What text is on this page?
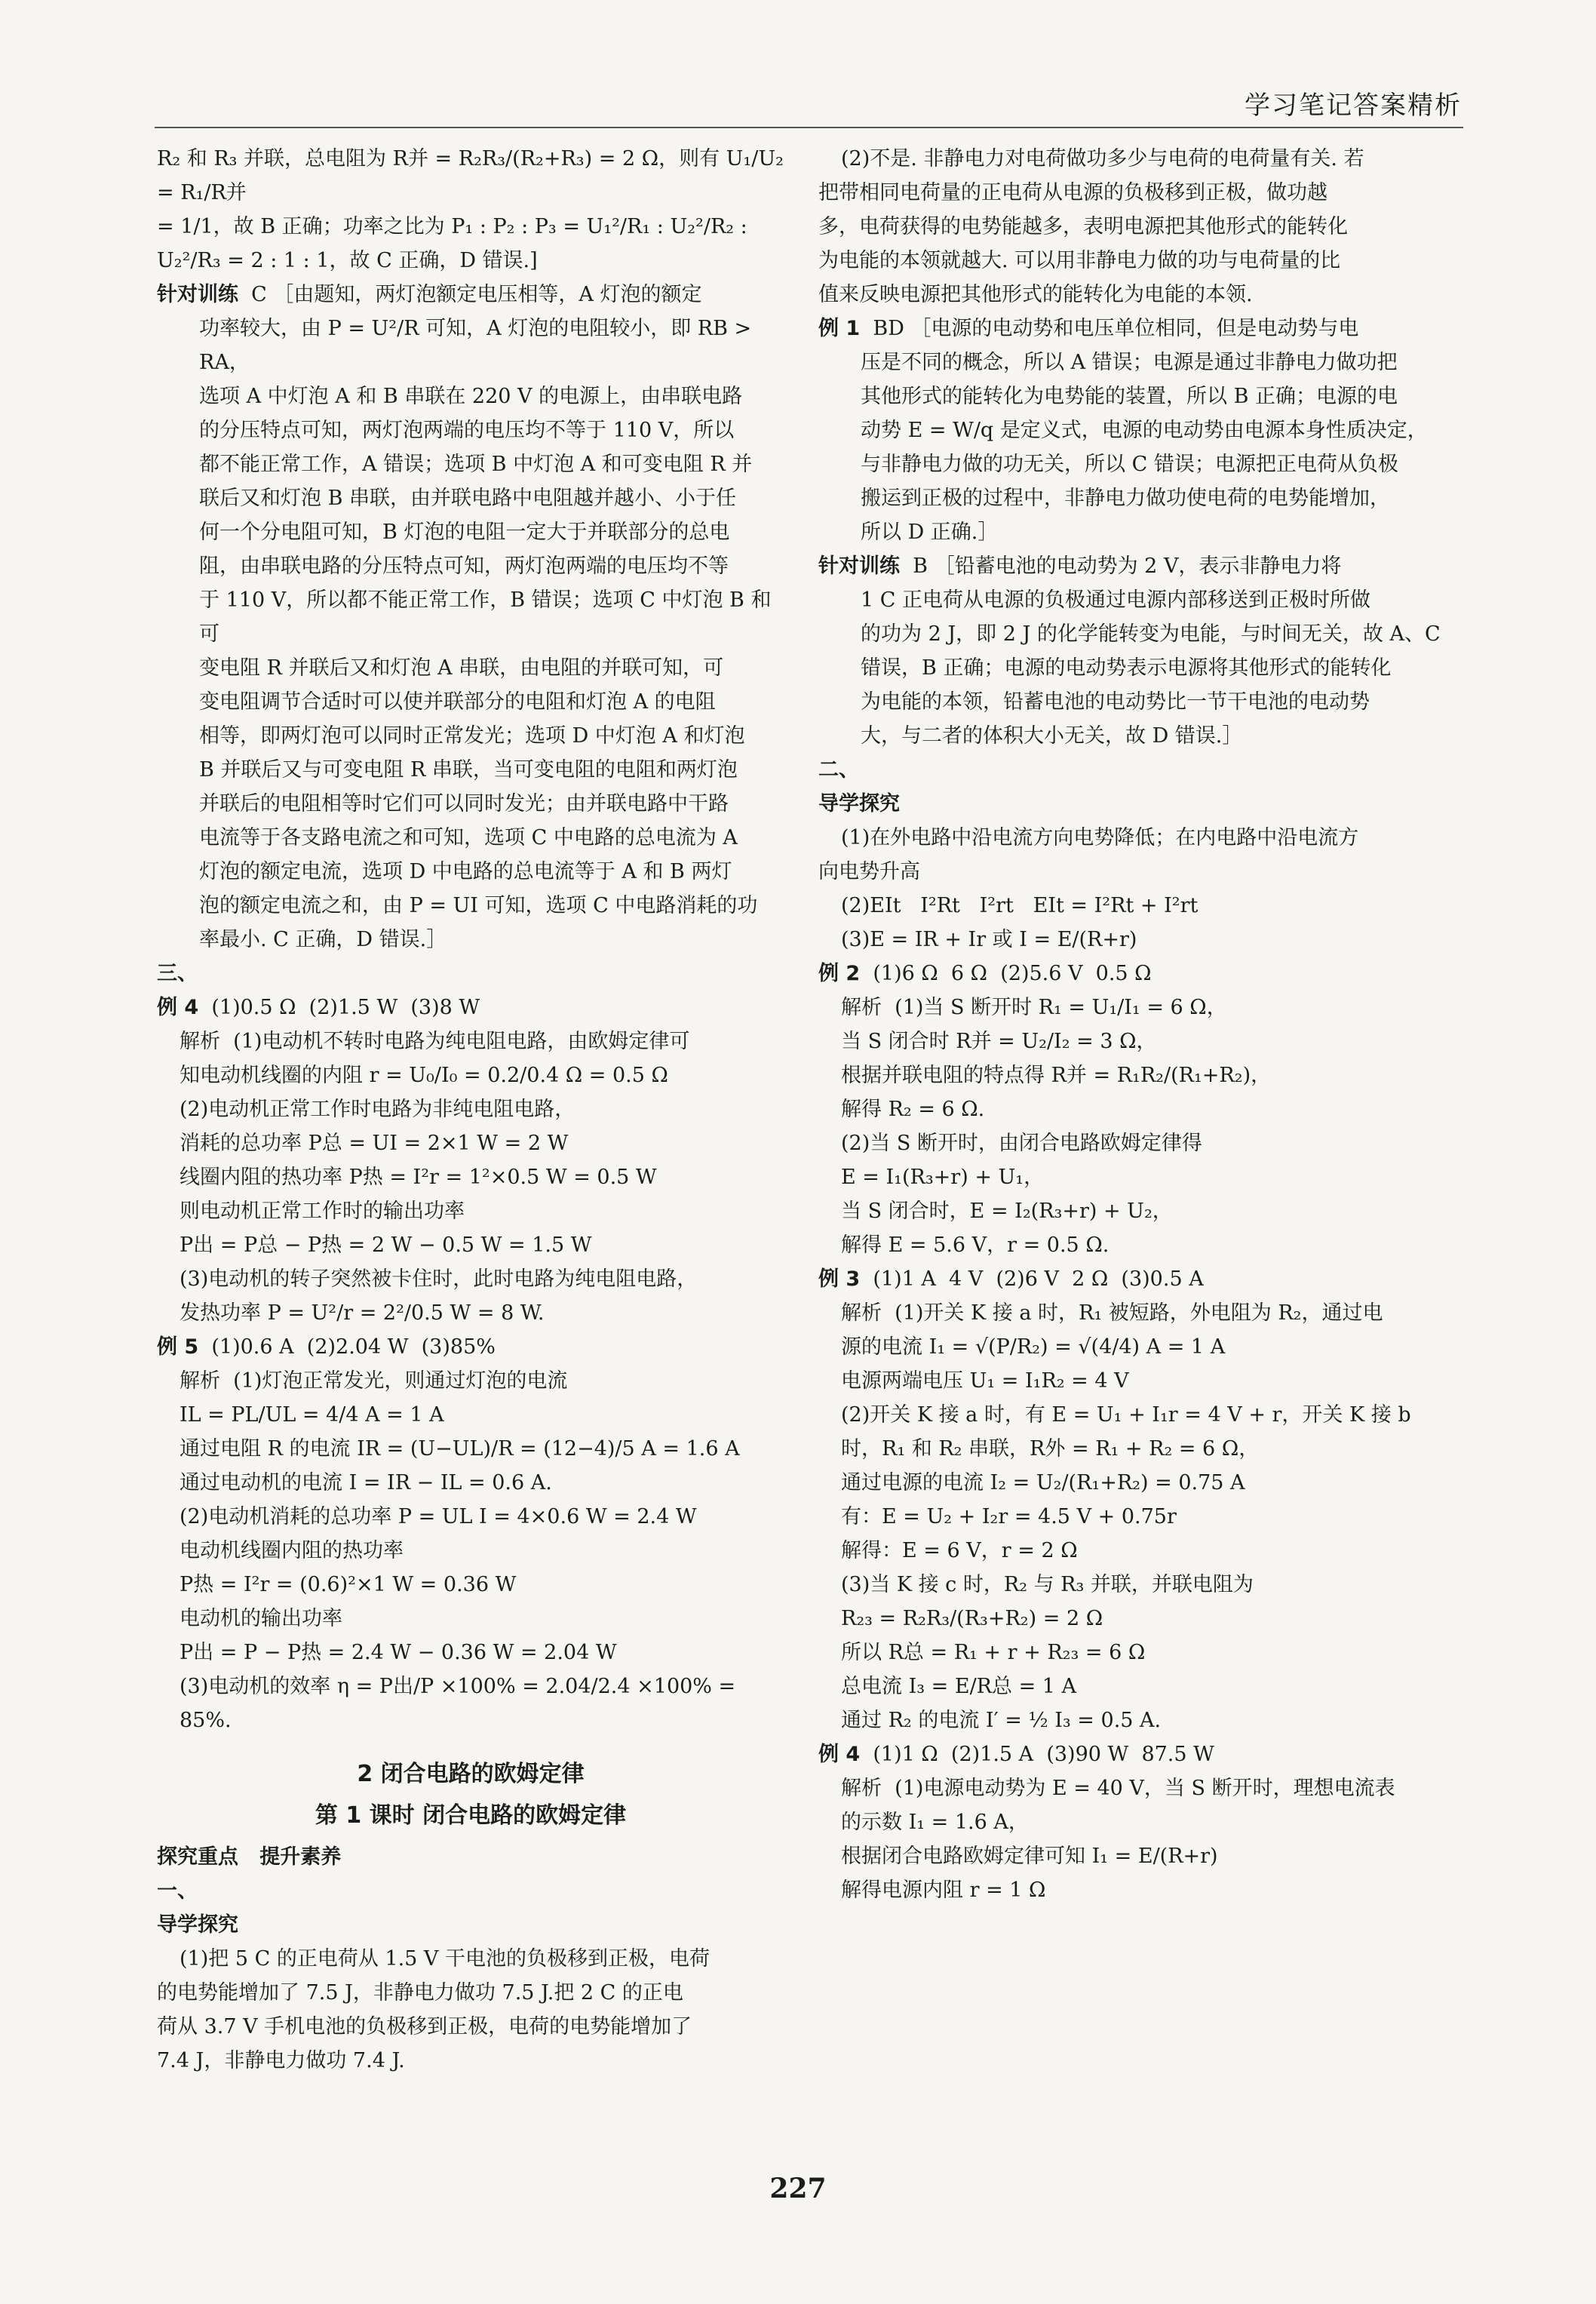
学习笔记答案精析
R₂ 和 R₃ 并联，总电阻为 R并 = R₂R₃/(R₂+R₃) = 2 Ω，则有 U₁/U₂ = R₁/R并
= 1/1，故 B 正确；功率之比为 P₁ : P₂ : P₃ = U₁²/R₁ : U₂²/R₂ :
U₂²/R₃ = 2 : 1 : 1，故 C 正确，D 错误.]
针对训练 C ［由题知，两灯泡额定电压相等，A 灯泡的额定
功率较大，由 P = U²/R 可知，A 灯泡的电阻较小，即 RB > RA，
选项 A 中灯泡 A 和 B 串联在 220 V 的电源上，由串联电路
的分压特点可知，两灯泡两端的电压均不等于 110 V，所以
都不能正常工作，A 错误；选项 B 中灯泡 A 和可变电阻 R 并
联后又和灯泡 B 串联，由并联电路中电阻越并越小、小于任
何一个分电阻可知，B 灯泡的电阻一定大于并联部分的总电
阻，由串联电路的分压特点可知，两灯泡两端的电压均不等
于 110 V，所以都不能正常工作，B 错误；选项 C 中灯泡 B 和可
变电阻 R 并联后又和灯泡 A 串联，由电阻的并联可知，可
变电阻调节合适时可以使并联部分的电阻和灯泡 A 的电阻
相等，即两灯泡可以同时正常发光；选项 D 中灯泡 A 和灯泡
B 并联后又与可变电阻 R 串联，当可变电阻的电阻和两灯泡
并联后的电阻相等时它们可以同时发光；由并联电路中干路
电流等于各支路电流之和可知，选项 C 中电路的总电流为 A
灯泡的额定电流，选项 D 中电路的总电流等于 A 和 B 两灯
泡的额定电流之和，由 P = UI 可知，选项 C 中电路消耗的功
率最小. C 正确，D 错误.］
三、
例 4 (1)0.5 Ω  (2)1.5 W  (3)8 W
解析  (1)电动机不转时电路为纯电阻电路，由欧姆定律可
知电动机线圈的内阻 r = U₀/I₀ = 0.2/0.4 Ω = 0.5 Ω
(2)电动机正常工作时电路为非纯电阻电路，
消耗的总功率 P总 = UI = 2×1 W = 2 W
线圈内阻的热功率 P热 = I²r = 1²×0.5 W = 0.5 W
则电动机正常工作时的输出功率
P出 = P总 − P热 = 2 W − 0.5 W = 1.5 W
(3)电动机的转子突然被卡住时，此时电路为纯电阻电路，
发热功率 P = U²/r = 2²/0.5 W = 8 W.
例 5 (1)0.6 A  (2)2.04 W  (3)85%
解析  (1)灯泡正常发光，则通过灯泡的电流
IL = PL/UL = 4/4 A = 1 A
通过电阻 R 的电流 IR = (U−UL)/R = (12−4)/5 A = 1.6 A
通过电动机的电流 I = IR − IL = 0.6 A.
(2)电动机消耗的总功率 P = UL I = 4×0.6 W = 2.4 W
电动机线圈内阻的热功率
P热 = I²r = (0.6)²×1 W = 0.36 W
电动机的输出功率
P出 = P − P热 = 2.4 W − 0.36 W = 2.04 W
(3)电动机的效率 η = P出/P ×100% = 2.04/2.4 ×100% = 85%.
2 闭合电路的欧姆定律
第 1 课时 闭合电路的欧姆定律
探究重点   提升素养
一、
导学探究
(1)把 5 C 的正电荷从 1.5 V 干电池的负极移到正极，电荷
的电势能增加了 7.5 J，非静电力做功 7.5 J.把 2 C 的正电
荷从 3.7 V 手机电池的负极移到正极，电荷的电势能增加了
7.4 J，非静电力做功 7.4 J.
(2)不是. 非静电力对电荷做功多少与电荷的电荷量有关. 若
把带相同电荷量的正电荷从电源的负极移到正极，做功越
多，电荷获得的电势能越多，表明电源把其他形式的能转化
为电能的本领就越大. 可以用非静电力做的功与电荷量的比
值来反映电源把其他形式的能转化为电能的本领.
例 1 BD ［电源的电动势和电压单位相同，但是电动势与电
压是不同的概念，所以 A 错误；电源是通过非静电力做功把
其他形式的能转化为电势能的装置，所以 B 正确；电源的电
动势 E = W/q 是定义式，电源的电动势由电源本身性质决定，
与非静电力做的功无关，所以 C 错误；电源把正电荷从负极
搬运到正极的过程中，非静电力做功使电荷的电势能增加，
所以 D 正确.］
针对训练 B ［铅蓄电池的电动势为 2 V，表示非静电力将
1 C 正电荷从电源的负极通过电源内部移送到正极时所做
的功为 2 J，即 2 J 的化学能转变为电能，与时间无关，故 A、C
错误，B 正确；电源的电动势表示电源将其他形式的能转化
为电能的本领，铅蓄电池的电动势比一节干电池的电动势
大，与二者的体积大小无关，故 D 错误.］
二、
导学探究
(1)在外电路中沿电流方向电势降低；在内电路中沿电流方
向电势升高
(2)EIt   I²Rt   I²rt   EIt = I²Rt + I²rt
(3)E = IR + Ir 或 I = E/(R+r)
例 2 (1)6 Ω  6 Ω  (2)5.6 V  0.5 Ω
解析  (1)当 S 断开时 R₁ = U₁/I₁ = 6 Ω，
当 S 闭合时 R并 = U₂/I₂ = 3 Ω，
根据并联电阻的特点得 R并 = R₁R₂/(R₁+R₂)，
解得 R₂ = 6 Ω.
(2)当 S 断开时，由闭合电路欧姆定律得
E = I₁(R₃+r) + U₁，
当 S 闭合时，E = I₂(R₃+r) + U₂，
解得 E = 5.6 V，r = 0.5 Ω.
例 3 (1)1 A  4 V  (2)6 V  2 Ω  (3)0.5 A
解析  (1)开关 K 接 a 时，R₁ 被短路，外电阻为 R₂，通过电
源的电流 I₁ = √(P/R₂) = √(4/4) A = 1 A
电源两端电压 U₁ = I₁R₂ = 4 V
(2)开关 K 接 a 时，有 E = U₁ + I₁r = 4 V + r，开关 K 接 b
时，R₁ 和 R₂ 串联，R外 = R₁ + R₂ = 6 Ω，
通过电源的电流 I₂ = U₂/(R₁+R₂) = 0.75 A
有：E = U₂ + I₂r = 4.5 V + 0.75r
解得：E = 6 V，r = 2 Ω
(3)当 K 接 c 时，R₂ 与 R₃ 并联，并联电阻为
R₂₃ = R₂R₃/(R₃+R₂) = 2 Ω
所以 R总 = R₁ + r + R₂₃ = 6 Ω
总电流 I₃ = E/R总 = 1 A
通过 R₂ 的电流 I′ = ½ I₃ = 0.5 A.
例 4 (1)1 Ω  (2)1.5 A  (3)90 W  87.5 W
解析  (1)电源电动势为 E = 40 V，当 S 断开时，理想电流表
的示数 I₁ = 1.6 A，
根据闭合电路欧姆定律可知 I₁ = E/(R+r)
解得电源内阻 r = 1 Ω
227
